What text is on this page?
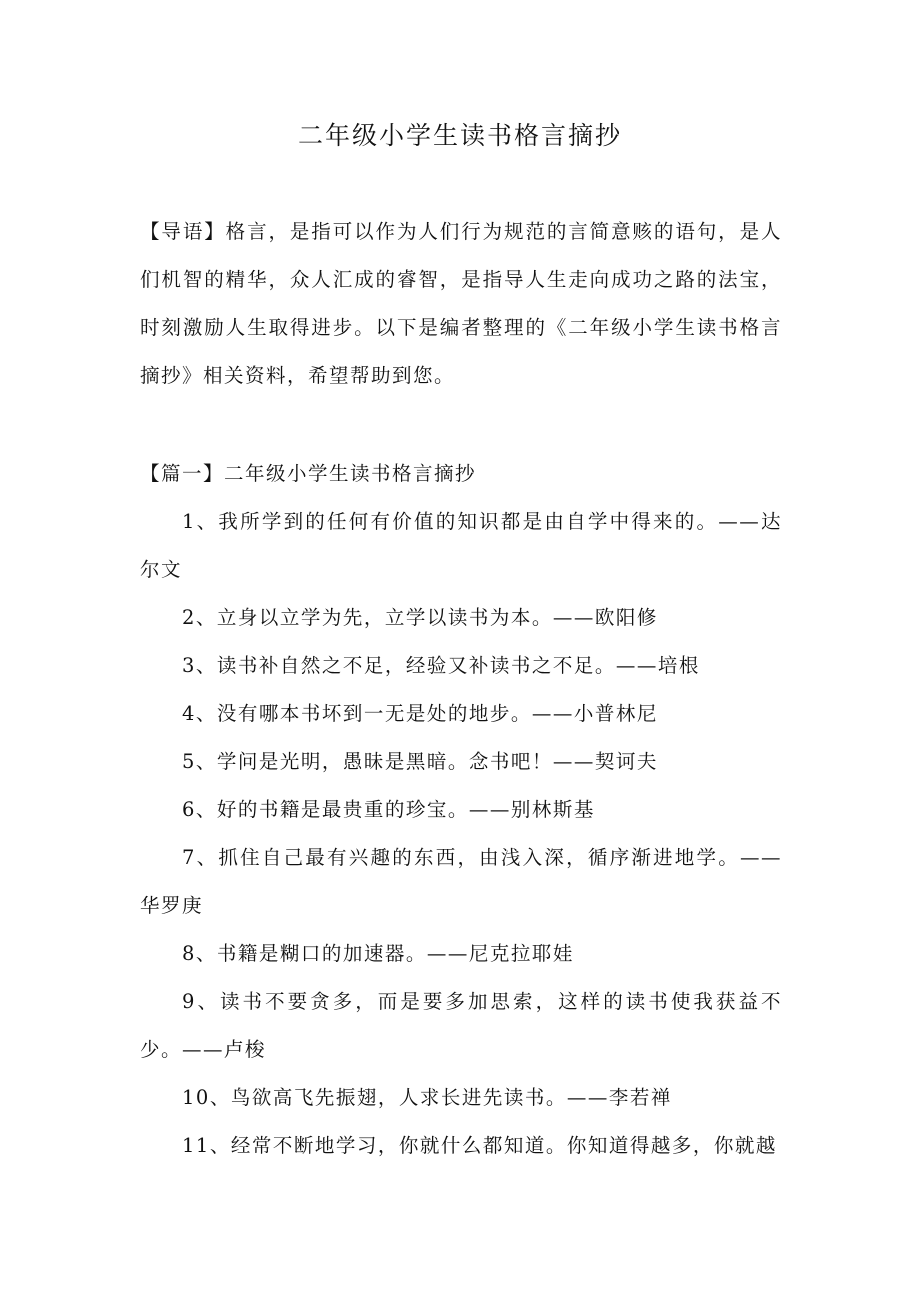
二年级小学生读书格言摘抄

【导语】格言，是指可以作为人们行为规范的言简意赅的语句，是人们机智的精华，众人汇成的睿智，是指导人生走向成功之路的法宝，时刻激励人生取得进步。以下是编者整理的《二年级小学生读书格言摘抄》相关资料，希望帮助到您。

【篇一】二年级小学生读书格言摘抄

1、我所学到的任何有价值的知识都是由自学中得来的。——达尔文
2、立身以立学为先，立学以读书为本。——欧阳修
3、读书补自然之不足，经验又补读书之不足。——培根
4、没有哪本书坏到一无是处的地步。——小普林尼
5、学问是光明，愚昧是黑暗。念书吧！——契诃夫
6、好的书籍是最贵重的珍宝。——别林斯基
7、抓住自己最有兴趣的东西，由浅入深，循序渐进地学。——华罗庚
8、书籍是糊口的加速器。——尼克拉耶娃
9、读书不要贪多，而是要多加思索，这样的读书使我获益不少。——卢梭
10、鸟欲高飞先振翅，人求长进先读书。——李若禅
11、经常不断地学习，你就什么都知道。你知道得越多，你就越
